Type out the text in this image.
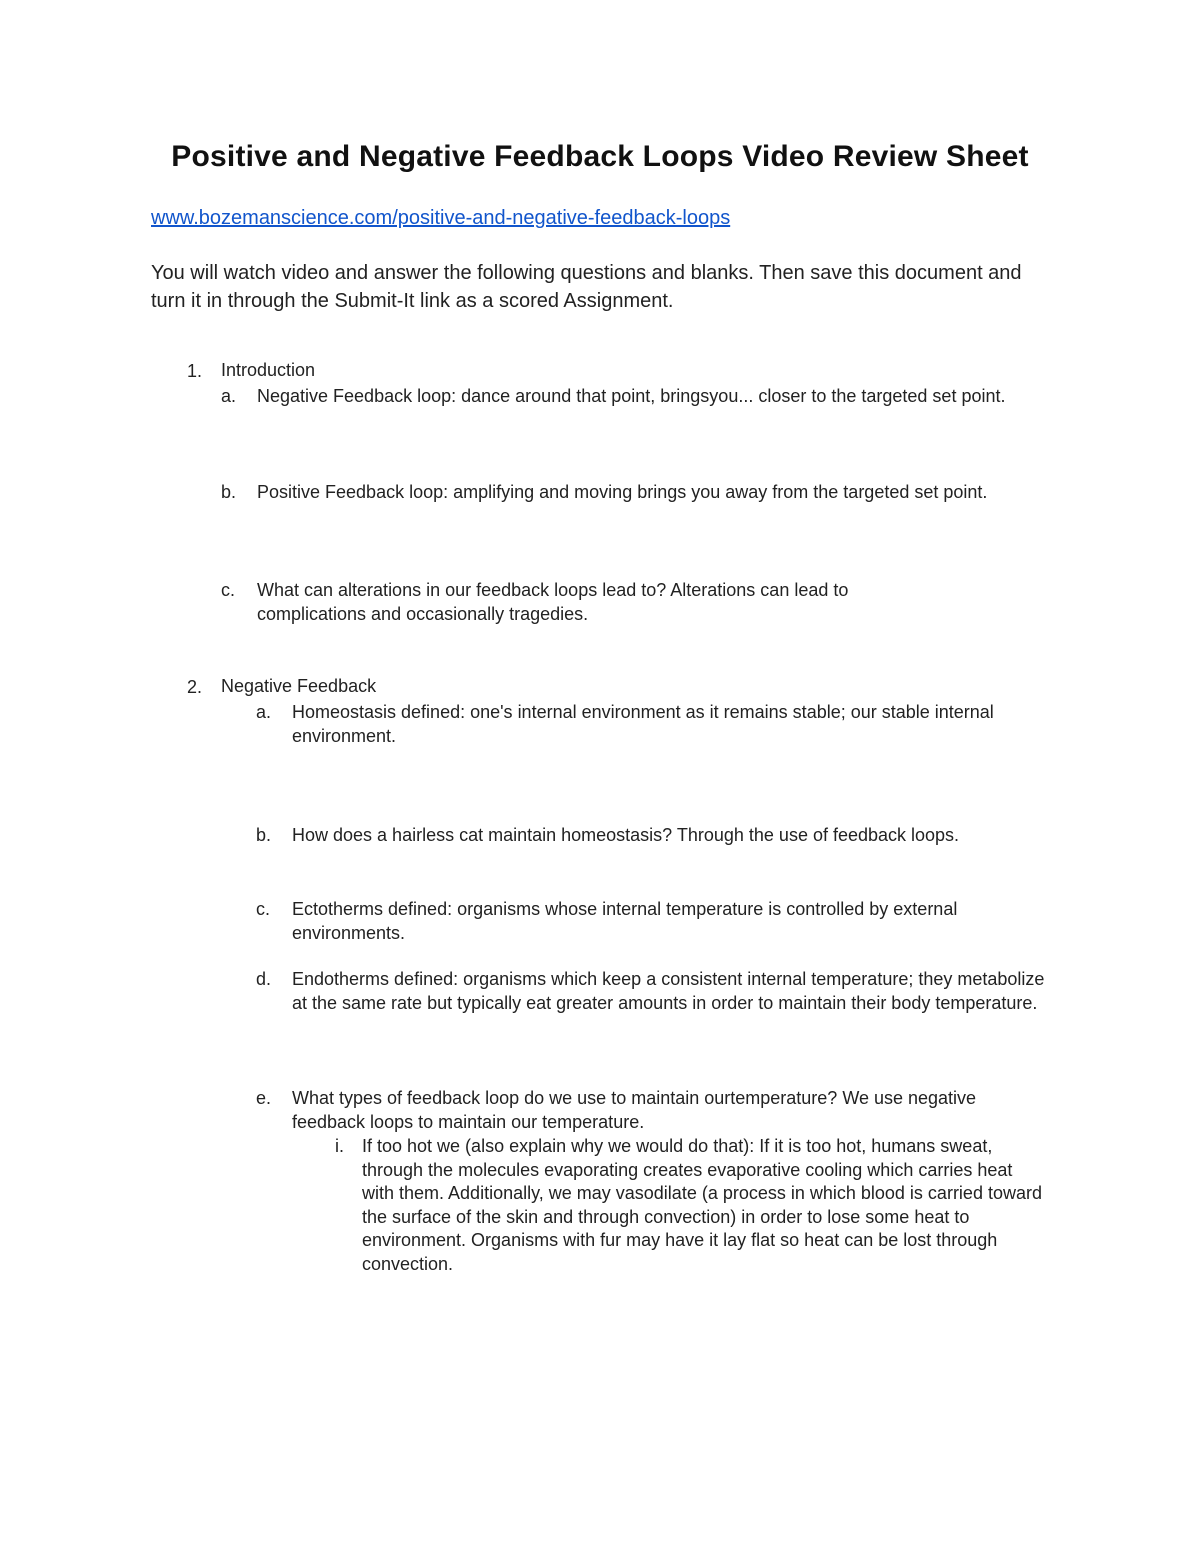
Positive and Negative Feedback Loops Video Review Sheet
www.bozemanscience.com/positive-and-negative-feedback-loops
You will watch video and answer the following questions and blanks. Then save this document and turn it in through the Submit-It link as a scored Assignment.
1. Introduction
a. Negative Feedback loop: dance around that point, bringsyou... closer to the targeted set point.
b. Positive Feedback loop: amplifying and moving brings you away from the targeted set point.
c. What can alterations in our feedback loops lead to? Alterations can lead to complications and occasionally tragedies.
2. Negative Feedback
a. Homeostasis defined: one's internal environment as it remains stable; our stable internal environment.
b. How does a hairless cat maintain homeostasis? Through the use of feedback loops.
c. Ectotherms defined: organisms whose internal temperature is controlled by external environments.
d. Endotherms defined: organisms which keep a consistent internal temperature; they metabolize at the same rate but typically eat greater amounts in order to maintain their body temperature.
e. What types of feedback loop do we use to maintain ourtemperature? We use negative feedback loops to maintain our temperature.
i. If too hot we (also explain why we would do that): If it is too hot, humans sweat, through the molecules evaporating creates evaporative cooling which carries heat with them. Additionally, we may vasodilate (a process in which blood is carried toward the surface of the skin and through convection) in order to lose some heat to environment. Organisms with fur may have it lay flat so heat can be lost through convection.
